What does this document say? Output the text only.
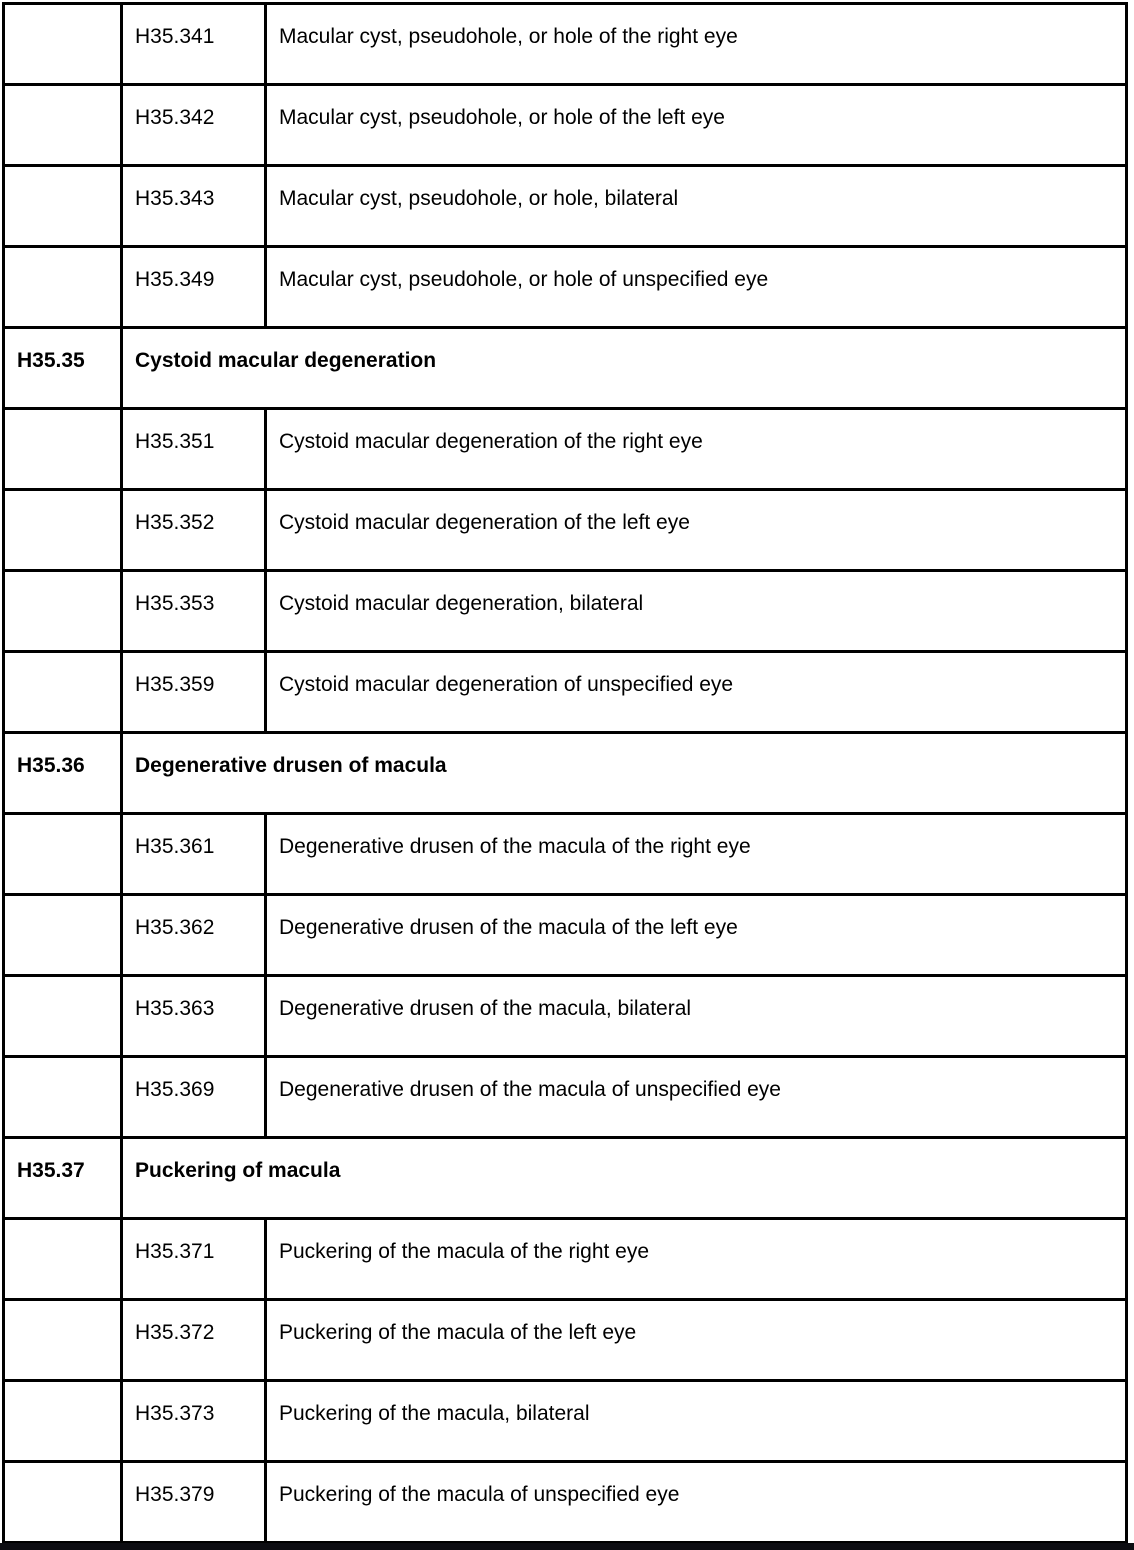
	H35.341	Macular cyst, pseudohole, or hole of the right eye
	H35.342	Macular cyst, pseudohole, or hole of the left eye
	H35.343	Macular cyst, pseudohole, or hole, bilateral
	H35.349	Macular cyst, pseudohole, or hole of unspecified eye
H35.35	Cystoid macular degeneration	
	H35.351	Cystoid macular degeneration of the right eye
	H35.352	Cystoid macular degeneration of the left eye
	H35.353	Cystoid macular degeneration, bilateral
	H35.359	Cystoid macular degeneration of unspecified eye
H35.36	Degenerative drusen of macula	
	H35.361	Degenerative drusen of the macula of the right eye
	H35.362	Degenerative drusen of the macula of the left eye
	H35.363	Degenerative drusen of the macula, bilateral
	H35.369	Degenerative drusen of the macula of unspecified eye
H35.37	Puckering of macula	
	H35.371	Puckering of the macula of the right eye
	H35.372	Puckering of the macula of the left eye
	H35.373	Puckering of the macula, bilateral
	H35.379	Puckering of the macula of unspecified eye
